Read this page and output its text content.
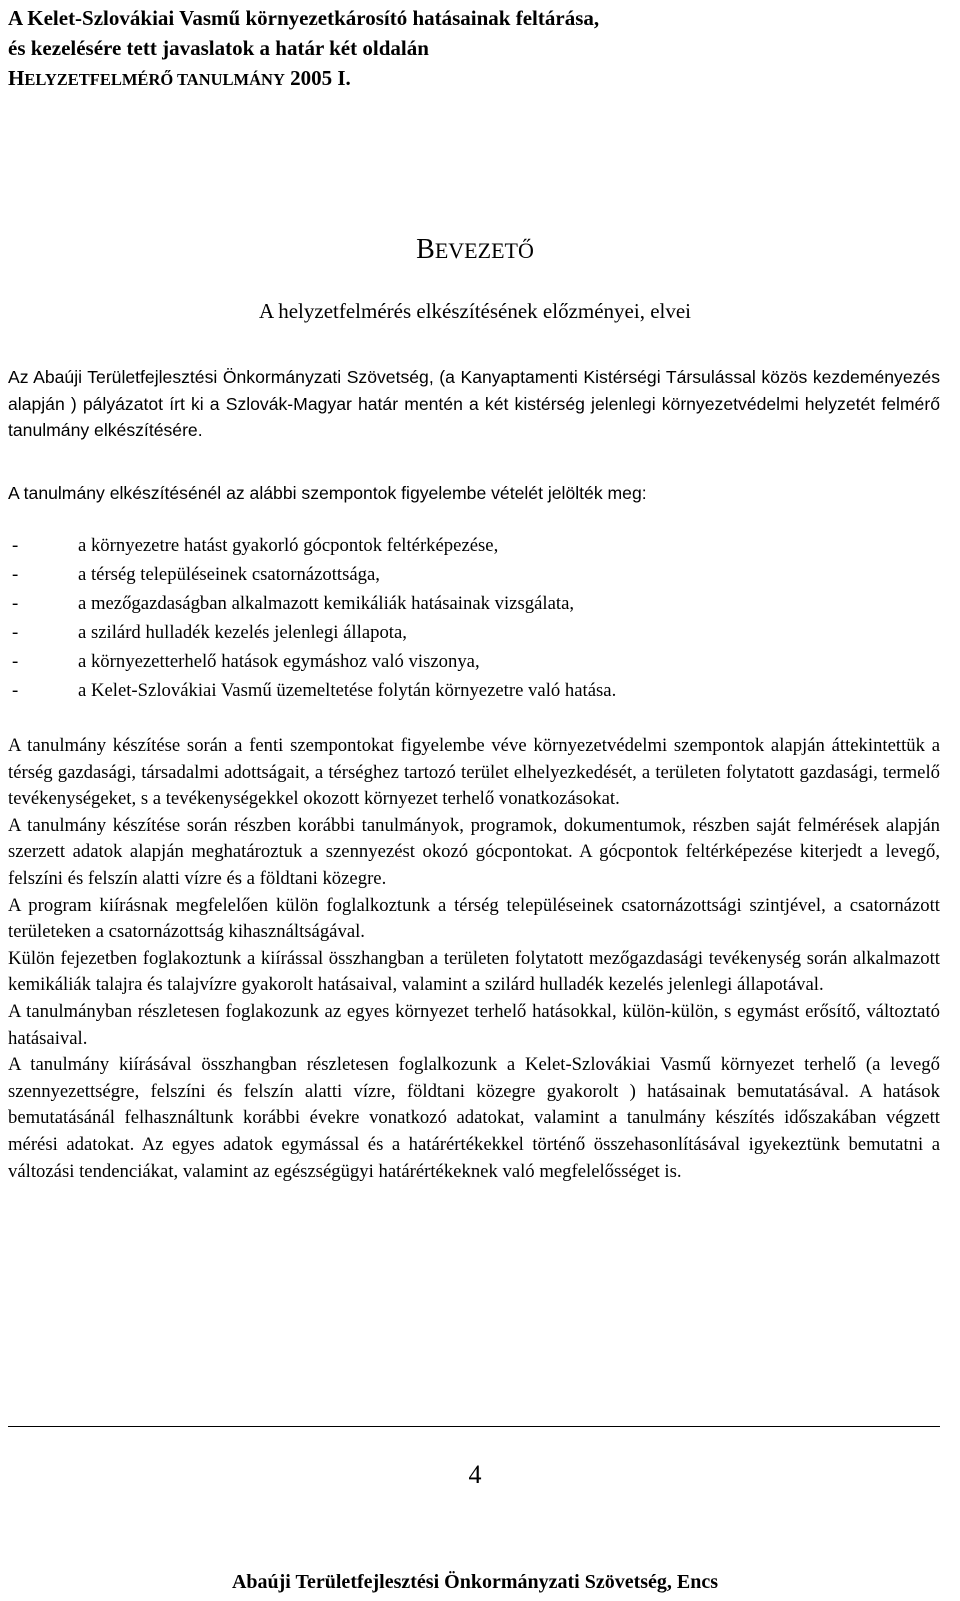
A Kelet-Szlovákiai Vasmű környezetkárosító hatásainak feltárása,
és kezelésére tett javaslatok a határ két oldalán
HELYZETFELMÉRŐ TANULMÁNY 2005 I.
BEVEZETŐ
A helyzetfelmérés elkészítésének előzményei, elvei

Az Abaúji Területfejlesztési Önkormányzati Szövetség, (a Kanyaptamenti Kistérségi Társulással közös kezdeményezés alapján ) pályázatot írt ki a Szlovák-Magyar határ mentén a két kistérség jelenlegi környezetvédelmi helyzetét felmérő tanulmány elkészítésére.

A tanulmány elkészítésénél az alábbi szempontok figyelembe vételét jelölték meg:

-	a környezetre hatást gyakorló gócpontok feltérképezése,
-	a térség településeinek csatornázottsága,
-	a mezőgazdaságban alkalmazott kemikáliák hatásainak vizsgálata,
-	a szilárd hulladék kezelés jelenlegi állapota,
-	a környezetterhelő hatások egymáshoz való viszonya,
-	a Kelet-Szlovákiai Vasmű üzemeltetése folytán környezetre való hatása.

A tanulmány készítése során a fenti szempontokat figyelembe véve környezetvédelmi szempontok alapján áttekintettük a térség gazdasági, társadalmi adottságait, a térséghez tartozó terület elhelyezkedését, a területen folytatott gazdasági, termelő tevékenységeket, s a tevékenységekkel okozott környezet terhelő vonatkozásokat.

A tanulmány készítése során részben korábbi tanulmányok, programok, dokumentumok, részben saját felmérések alapján szerzett adatok alapján meghatároztuk a szennyezést okozó gócpontokat. A gócpontok feltérképezése kiterjedt a levegő, felszíni és felszín alatti vízre és a földtani közegre.

A program kiírásnak megfelelően külön foglalkoztunk a térség településeinek csatornázottsági szintjével, a csatornázott területeken a csatornázottság kihasználtságával.

Külön fejezetben foglakoztunk a kiírással összhangban a területen folytatott mezőgazdasági tevékenység során alkalmazott kemikáliák talajra és talajvízre gyakorolt hatásaival, valamint a szilárd hulladék kezelés jelenlegi állapotával.

A tanulmányban részletesen foglakozunk az egyes környezet terhelő hatásokkal, külön-külön, s egymást erősítő, változtató hatásaival.

A tanulmány kiírásával összhangban részletesen foglalkozunk a Kelet-Szlovákiai Vasmű környezet terhelő (a levegő szennyezettségre, felszíni és felszín alatti vízre, földtani közegre gyakorolt ) hatásainak bemutatásával. A hatások bemutatásánál felhasználtunk korábbi évekre vonatkozó adatokat, valamint a tanulmány készítés időszakában végzett mérési adatokat. Az egyes adatok egymással és a határértékekkel történő összehasonlításával igyekeztünk bemutatni a változási tendenciákat, valamint az egészségügyi határértékeknek való megfelelősséget is.

4
Abaúji Területfejlesztési Önkormányzati Szövetség, Encs
